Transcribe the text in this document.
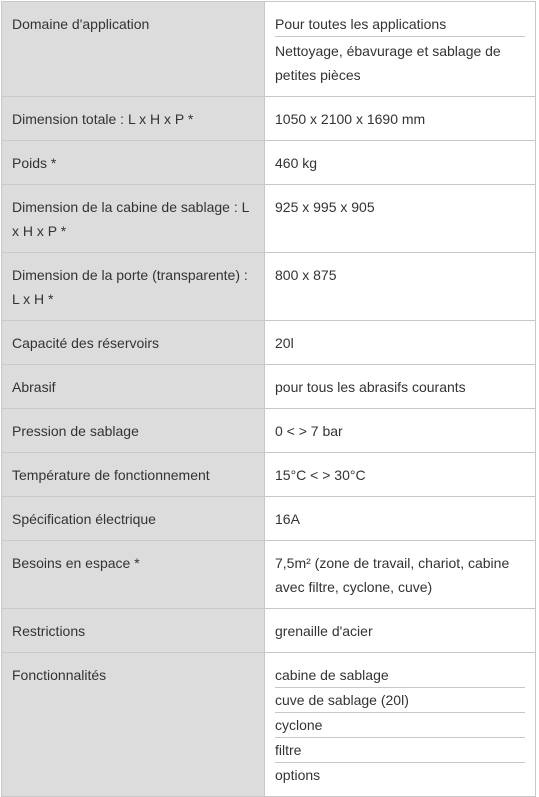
Domaine d'application	Pour toutes les applications
Nettoyage, ébavurage et sablage de petites pièces

Dimension totale : L x H x P *	1050 x 2100 x 1690 mm

Poids *	460 kg

Dimension de la cabine de sablage : L x H x P *	925 x 995 x 905

Dimension de la porte (transparente) : L x H *	800 x 875

Capacité des réservoirs	20l

Abrasif	pour tous les abrasifs courants

Pression de sablage	0 < > 7 bar

Température de fonctionnement	15°C < > 30°C

Spécification électrique	16A

Besoins en espace *	7,5m² (zone de travail, chariot, cabine avec filtre, cyclone, cuve)

Restrictions	grenaille d'acier

Fonctionnalités	cabine de sablage
cuve de sablage (20l)
cyclone
filtre
options
